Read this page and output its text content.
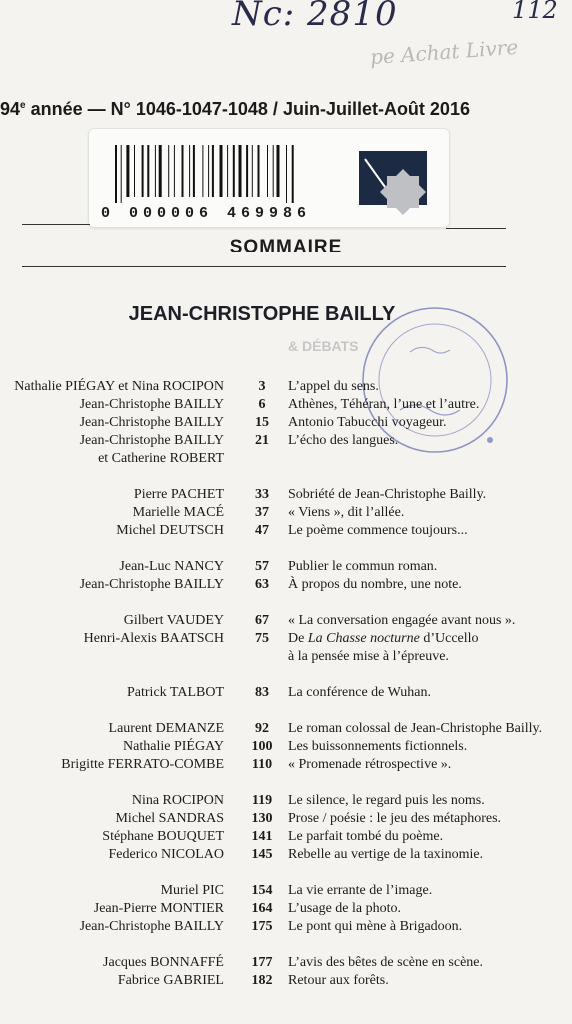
Nc: 2810	112
pe Achat Livre
94e année — N° 1046-1047-1048 / Juin-Juillet-Août 2016
0 000006 469986
SOMMAIRE
JEAN-CHRISTOPHE BAILLY
& DÉBATS
Nathalie PIÉGAY et Nina ROCIPON	3	L’appel du sens.
Jean-Christophe BAILLY	6	Athènes, Téhéran, l’une et l’autre.
Jean-Christophe BAILLY	15	Antonio Tabucchi voyageur.
Jean-Christophe BAILLY	21	L’écho des langues.
et Catherine ROBERT
Pierre PACHET	33	Sobriété de Jean-Christophe Bailly.
Marielle MACÉ	37	« Viens », dit l’allée.
Michel DEUTSCH	47	Le poème commence toujours...
Jean-Luc NANCY	57	Publier le commun roman.
Jean-Christophe BAILLY	63	À propos du nombre, une note.
Gilbert VAUDEY	67	« La conversation engagée avant nous ».
Henri-Alexis BAATSCH	75	De La Chasse nocturne d’Uccello
à la pensée mise à l’épreuve.
Patrick TALBOT	83	La conférence de Wuhan.
Laurent DEMANZE	92	Le roman colossal de Jean-Christophe Bailly.
Nathalie PIÉGAY	100	Les buissonnements fictionnels.
Brigitte FERRATO-COMBE	110	« Promenade rétrospective ».
Nina ROCIPON	119	Le silence, le regard puis les noms.
Michel SANDRAS	130	Prose / poésie : le jeu des métaphores.
Stéphane BOUQUET	141	Le parfait tombé du poème.
Federico NICOLAO	145	Rebelle au vertige de la taxinomie.
Muriel PIC	154	La vie errante de l’image.
Jean-Pierre MONTIER	164	L’usage de la photo.
Jean-Christophe BAILLY	175	Le pont qui mène à Brigadoon.
Jacques BONNAFFÉ	177	L’avis des bêtes de scène en scène.
Fabrice GABRIEL	182	Retour aux forêts.
